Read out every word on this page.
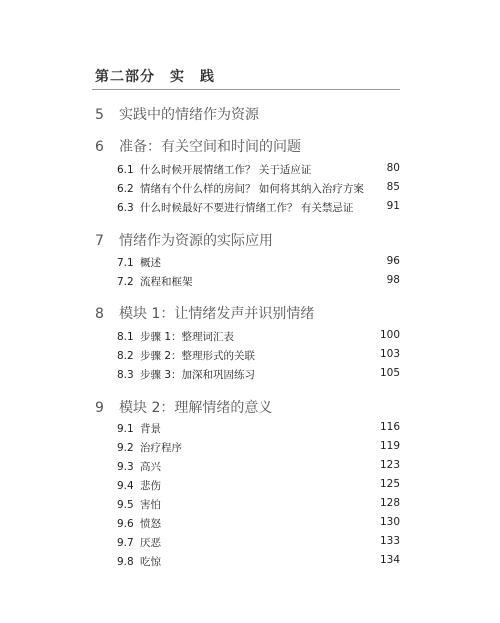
第二部分　实　践
5 实践中的情绪作为资源
6 准备：有关空间和时间的问题
6.1 什么时候开展情绪工作？ 关于适应证	80
6.2 情绪有个什么样的房间？ 如何将其纳入治疗方案 85
6.3 什么时候最好不要进行情绪工作？ 有关禁忌证	91
7 情绪作为资源的实际应用
7.1 概述	96
7.2 流程和框架	98
8 模块 1：让情绪发声并识别情绪
8.1 步骤 1：整理词汇表	100
8.2 步骤 2：整理形式的关联	103
8.3 步骤 3：加深和巩固练习	105
9 模块 2：理解情绪的意义
9.1 背景	116
9.2 治疗程序	119
9.3 高兴	123
9.4 悲伤	125
9.5 害怕	128
9.6 愤怒	130
9.7 厌恶	133
9.8 吃惊	134
